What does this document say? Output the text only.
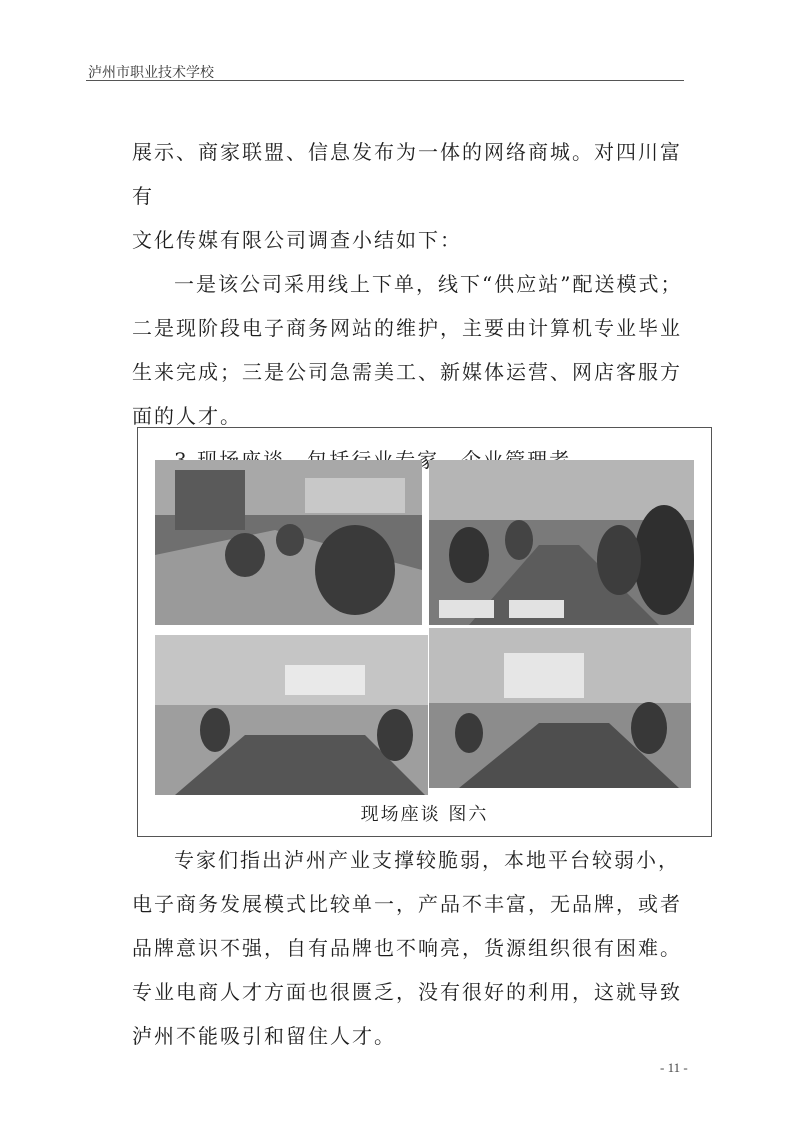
泸州市职业技术学校

展示、商家联盟、信息发布为一体的网络商城。对四川富有

文化传媒有限公司调查小结如下：

一是该公司采用线上下单，线下“供应站”配送模式；二是现阶段电子商务网站的维护，主要由计算机专业毕业生来完成；三是公司急需美工、新媒体运营、网店客服方面的人才。

现场座谈 图六

专家们指出泸州产业支撑较脆弱，本地平台较弱小，电子商务发展模式比较单一，产品不丰富，无品牌，或者品牌意识不强，自有品牌也不响亮，货源组织很有困难。专业电商人才方面也很匮乏，没有很好的利用，这就导致泸州不能吸引和留住人才。

- 11 -
